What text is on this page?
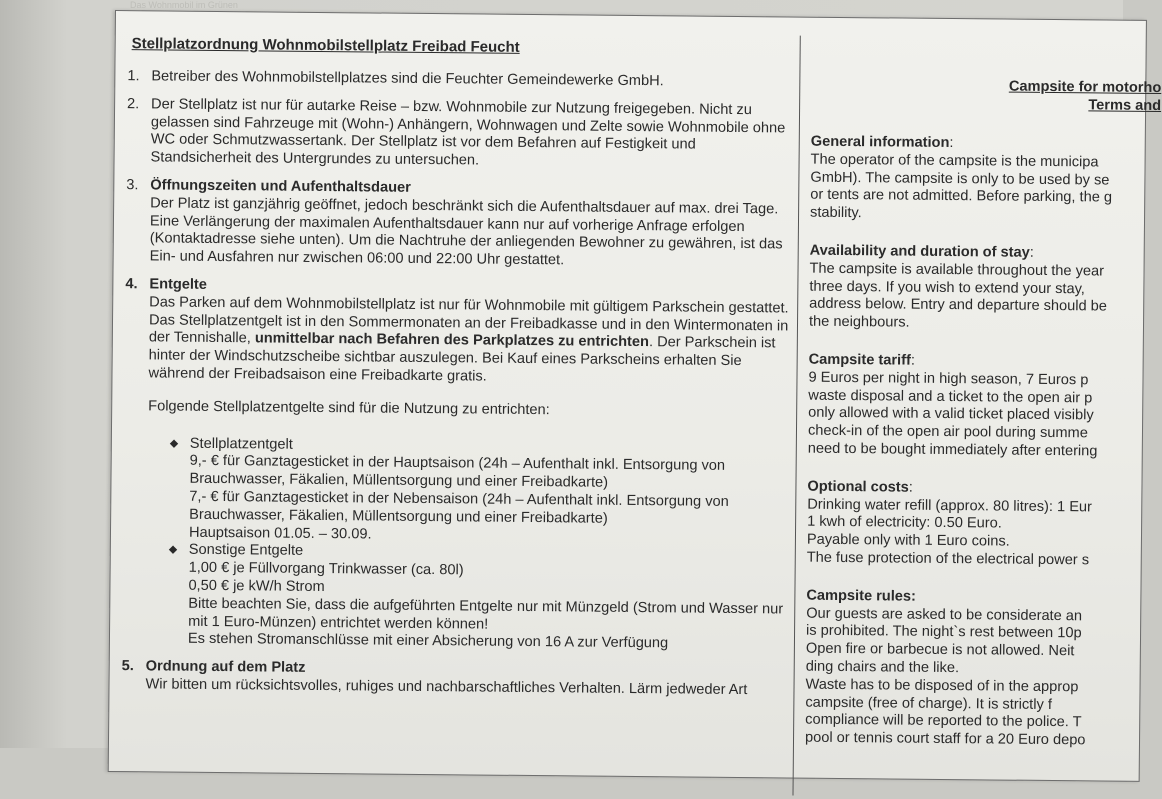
Stellplatzordnung Wohnmobilstellplatz Freibad Feucht
1. Betreiber des Wohnmobilstellplatzes sind die Feuchter Gemeindewerke GmbH.
2. Der Stellplatz ist nur für autarke Reise – bzw. Wohnmobile zur Nutzung freigegeben. Nicht zu gelassen sind Fahrzeuge mit (Wohn-) Anhängern, Wohnwagen und Zelte sowie Wohnmobile ohne WC oder Schmutzwassertank. Der Stellplatz ist vor dem Befahren auf Festigkeit und Standsicherheit des Untergrundes zu untersuchen.
3. Öffnungszeiten und Aufenthaltsdauer
Der Platz ist ganzjährig geöffnet, jedoch beschränkt sich die Aufenthaltsdauer auf max. drei Tage. Eine Verlängerung der maximalen Aufenthaltsdauer kann nur auf vorherige Anfrage erfolgen (Kontaktadresse siehe unten). Um die Nachtruhe der anliegenden Bewohner zu gewähren, ist das Ein- und Ausfahren nur zwischen 06:00 und 22:00 Uhr gestattet.
4. Entgelte
Das Parken auf dem Wohnmobilstellplatz ist nur für Wohnmobile mit gültigem Parkschein gestattet. Das Stellplatzentgelt ist in den Sommermonaten an der Freibadkasse und in den Wintermonaten in der Tennishalle, unmittelbar nach Befahren des Parkplatzes zu entrichten. Der Parkschein ist hinter der Windschutzscheibe sichtbar auszulegen. Bei Kauf eines Parkscheins erhalten Sie während der Freibadsaison eine Freibadkarte gratis.
Folgende Stellplatzentgelte sind für die Nutzung zu entrichten:
◆ Stellplatzentgelt
9,- € für Ganztagesticket in der Hauptsaison (24h – Aufenthalt inkl. Entsorgung von Brauchwasser, Fäkalien, Müllentsorgung und einer Freibadkarte)
7,- € für Ganztagesticket in der Nebensaison (24h – Aufenthalt inkl. Entsorgung von Brauchwasser, Fäkalien, Müllentsorgung und einer Freibadkarte)
Hauptsaison 01.05. – 30.09.
◆ Sonstige Entgelte
1,00 € je Füllvorgang Trinkwasser (ca. 80l)
0,50 € je kW/h Strom
Bitte beachten Sie, dass die aufgeführten Entgelte nur mit Münzgeld (Strom und Wasser nur mit 1 Euro-Münzen) entrichtet werden können!
Es stehen Stromanschlüsse mit einer Absicherung von 16 A zur Verfügung
5. Ordnung auf dem Platz
Wir bitten um rücksichtsvolles, ruhiges und nachbarschaftliches Verhalten. Lärm jedweder Art
Campsite for motorho
Terms and
General information:
The operator of the campsite is the municipa
GmbH). The campsite is only to be used by se
or tents are not admitted. Before parking, the g
stability.
Availability and duration of stay:
The campsite is available throughout the year
three days. If you wish to extend your stay,
address below. Entry and departure should be
the neighbours.
Campsite tariff:
9 Euros per night in high season, 7 Euros p
waste disposal and a ticket to the open air p
only allowed with a valid ticket placed visibly
check-in of the open air pool during summe
need to be bought immediately after entering
Optional costs:
Drinking water refill (approx. 80 litres): 1 Eur
1 kwh of electricity: 0.50 Euro.
Payable only with 1 Euro coins.
The fuse protection of the electrical power s
Campsite rules:
Our guests are asked to be considerate an
is prohibited. The night`s rest between 10p
Open fire or barbecue is not allowed. Neit
ding chairs and the like.
Waste has to be disposed of in the approp
campsite (free of charge). It is strictly f
compliance will be reported to the police. T
pool or tennis court staff for a 20 Euro depo
Das Wohnmobil im Grünen
